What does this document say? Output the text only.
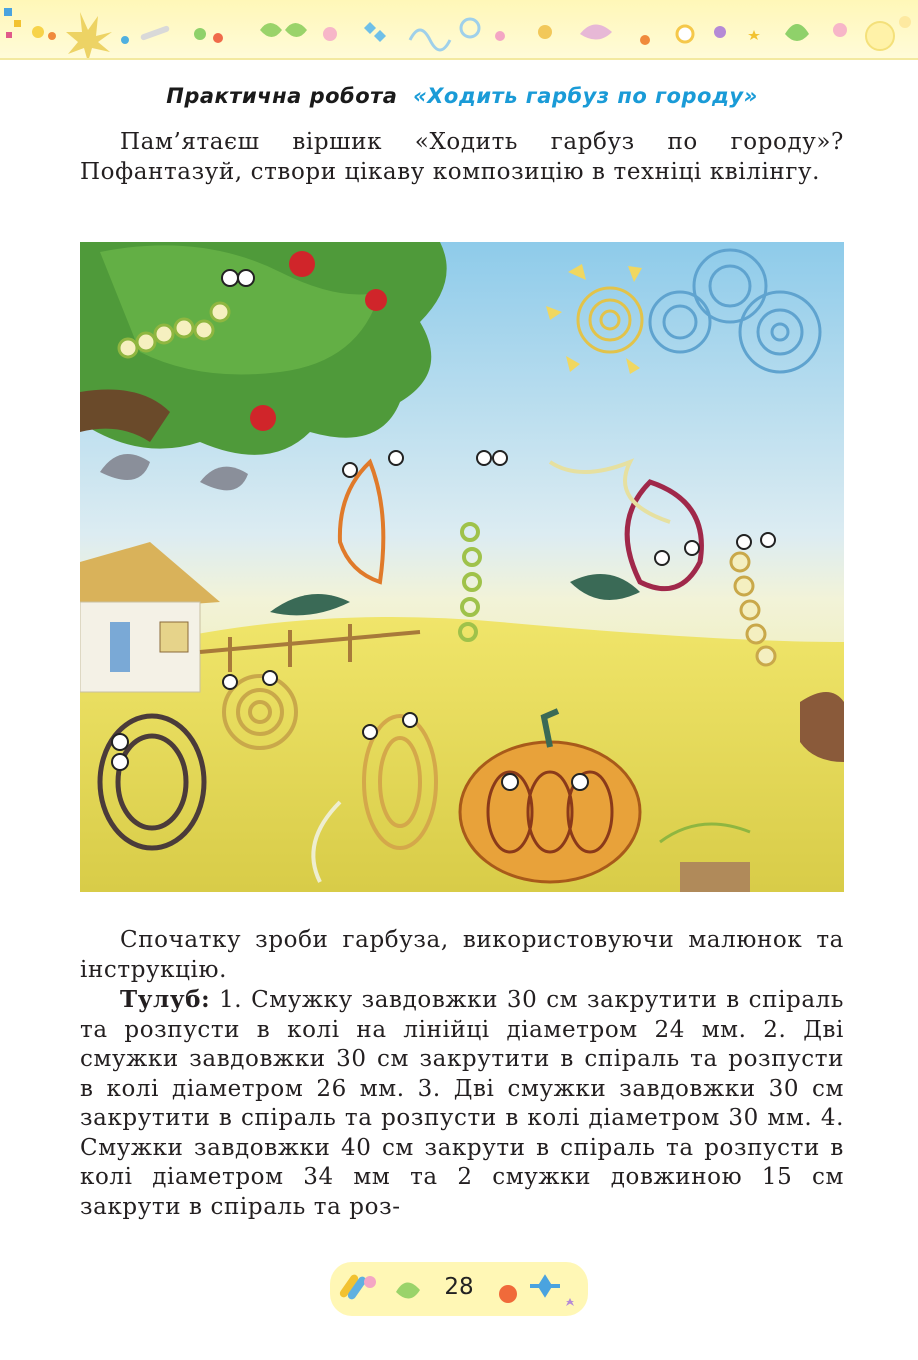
Практична робота «Ходить гарбуз по городу»

Пам’ятаєш віршик «Ходить гарбуз по городу»? Пофантазуй, створи цікаву композицію в техніці квілінгу.

Спочатку зроби гарбуза, використовуючи малюнок та інструкцію.

Тулуб: 1. Смужку завдовжки 30 см закрутити в спіраль та розпусти в колі на лінійці діаметром 24 мм. 2. Дві смужки завдовжки 30 см закрутити в спіраль та розпусти в колі діаметром 26 мм. 3. Дві смужки завдовжки 30 см закрутити в спіраль та розпусти в колі діаметром 30 мм. 4. Смужки завдовжки 40 см закрути в спіраль та розпусти в колі діаметром 34 мм та 2 смужки довжиною 15 см закрути в спіраль та роз-

28
